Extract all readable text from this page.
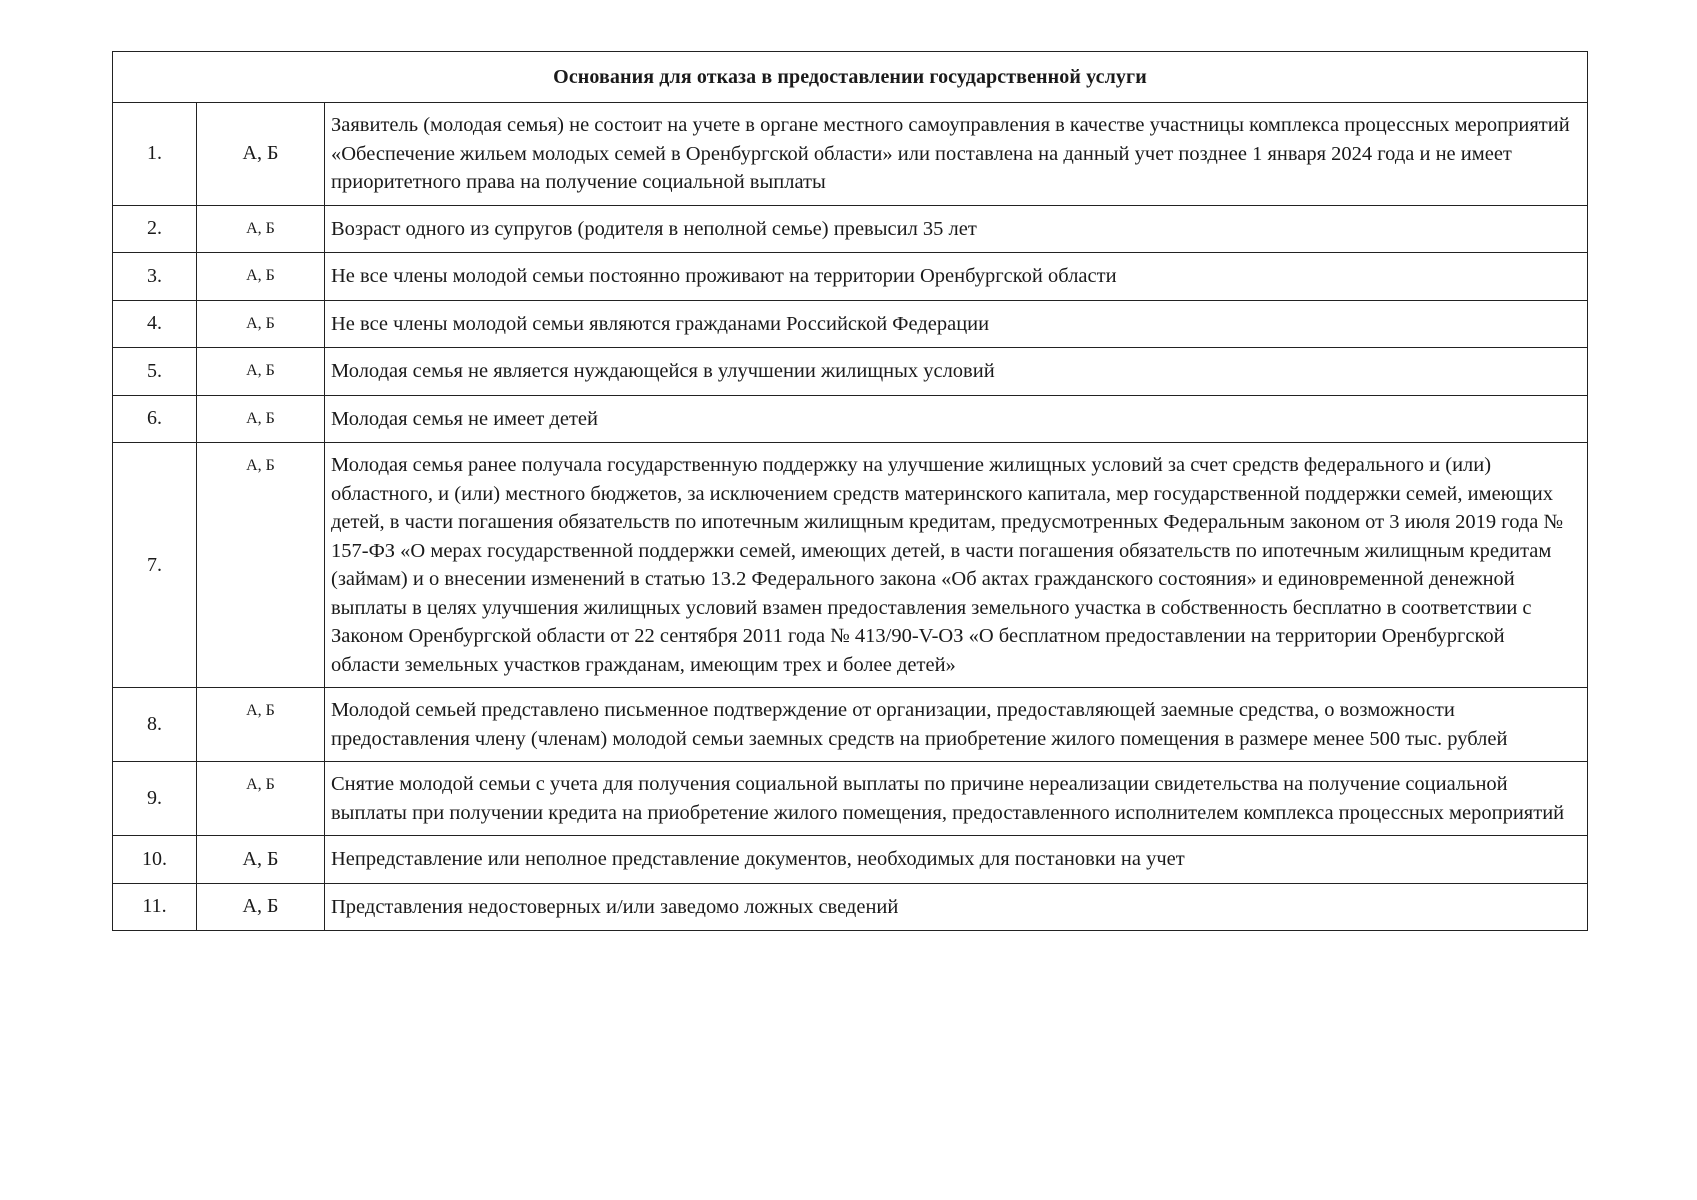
Основания для отказа в предоставлении государственной услуги		
1.	А, Б	Заявитель (молодая семья) не состоит на учете в органе местного самоуправления в качестве участницы комплекса процессных мероприятий «Обеспечение жильем молодых семей в Оренбургской области» или поставлена на данный учет позднее 1 января 2024 года и не имеет приоритетного права на получение социальной выплаты
2.	А, Б	Возраст одного из супругов (родителя в неполной семье) превысил 35 лет
3.	А, Б	Не все члены молодой семьи постоянно проживают на территории Оренбургской области
4.	А, Б	Не все члены молодой семьи являются гражданами Российской Федерации
5.	А, Б	Молодая семья не является нуждающейся в улучшении жилищных условий
6.	А, Б	Молодая семья не имеет детей
7.	А, Б	Молодая семья ранее получала государственную поддержку на улучшение жилищных условий за счет средств федерального и (или) областного, и (или) местного бюджетов, за исключением средств материнского капитала, мер государственной поддержки семей, имеющих детей, в части погашения обязательств по ипотечным жилищным кредитам, предусмотренных Федеральным законом от 3 июля 2019 года № 157-ФЗ «О мерах государственной поддержки семей, имеющих детей, в части погашения обязательств по ипотечным жилищным кредитам (займам) и о внесении изменений в статью 13.2 Федерального закона «Об актах гражданского состояния» и единовременной денежной выплаты в целях улучшения жилищных условий взамен предоставления земельного участка в собственность бесплатно в соответствии с Законом Оренбургской области от 22 сентября 2011 года № 413/90-V-ОЗ «О бесплатном предоставлении на территории Оренбургской области земельных участков гражданам, имеющим трех и более детей»
8.	А, Б	Молодой семьей представлено письменное подтверждение от организации, предоставляющей заемные средства, о возможности предоставления члену (членам) молодой семьи заемных средств на приобретение жилого помещения в размере менее 500 тыс. рублей
9.	А, Б	Снятие молодой семьи с учета для получения социальной выплаты по причине нереализации свидетельства на получение социальной выплаты при получении кредита на приобретение жилого помещения, предоставленного исполнителем комплекса процессных мероприятий
10.	А, Б	Непредставление или неполное представление документов, необходимых для постановки на учет
11.	А, Б	Представления недостоверных и/или заведомо ложных сведений
